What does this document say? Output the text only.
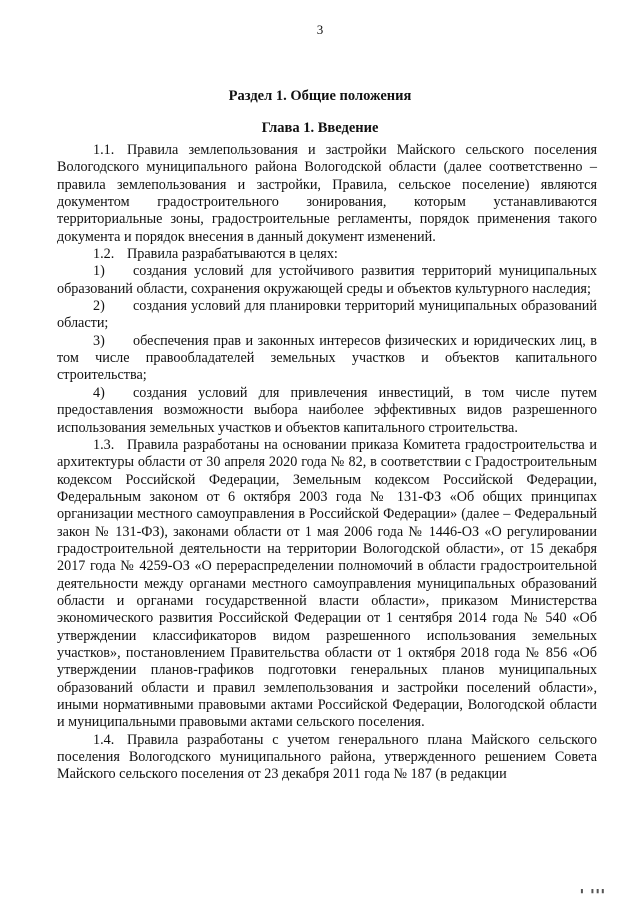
3
Раздел 1. Общие положения
Глава 1. Введение

1.1. Правила землепользования и застройки Майского сельского поселения Вологодского муниципального района Вологодской области (далее соответственно – правила землепользования и застройки, Правила, сельское поселение) являются документом градостроительного зонирования, которым устанавливаются территориальные зоны, градостроительные регламенты, порядок применения такого документа и порядок внесения в данный документ изменений.

1.2. Правила разрабатываются в целях:

1) создания условий для устойчивого развития территорий муниципальных образований области, сохранения окружающей среды и объектов культурного наследия;

2) создания условий для планировки территорий муниципальных образований области;

3) обеспечения прав и законных интересов физических и юридических лиц, в том числе правообладателей земельных участков и объектов капитального строительства;

4) создания условий для привлечения инвестиций, в том числе путем предоставления возможности выбора наиболее эффективных видов разрешенного использования земельных участков и объектов капитального строительства.

1.3. Правила разработаны на основании приказа Комитета градостроительства и архитектуры области от 30 апреля 2020 года № 82, в соответствии с Градостроительным кодексом Российской Федерации, Земельным кодексом Российской Федерации, Федеральным законом от 6 октября 2003 года № 131-ФЗ «Об общих принципах организации местного самоуправления в Российской Федерации» (далее – Федеральный закон № 131-ФЗ), законами области от 1 мая 2006 года № 1446-ОЗ «О регулировании градостроительной деятельности на территории Вологодской области», от 15 декабря 2017 года № 4259-ОЗ «О перераспределении полномочий в области градостроительной деятельности между органами местного самоуправления муниципальных образований области и органами государственной власти области», приказом Министерства экономического развития Российской Федерации от 1 сентября 2014 года № 540 «Об утверждении классификаторов видом разрешенного использования земельных участков», постановлением Правительства области от 1 октября 2018 года № 856 «Об утверждении планов-графиков подготовки генеральных планов муниципальных образований области и правил землепользования и застройки поселений области», иными нормативными правовыми актами Российской Федерации, Вологодской области и муниципальными правовыми актами сельского поселения.

1.4. Правила разработаны с учетом генерального плана Майского сельского поселения Вологодского муниципального района, утвержденного решением Совета Майского сельского поселения от 23 декабря 2011 года № 187 (в редакции

▮ ▮▮▮
